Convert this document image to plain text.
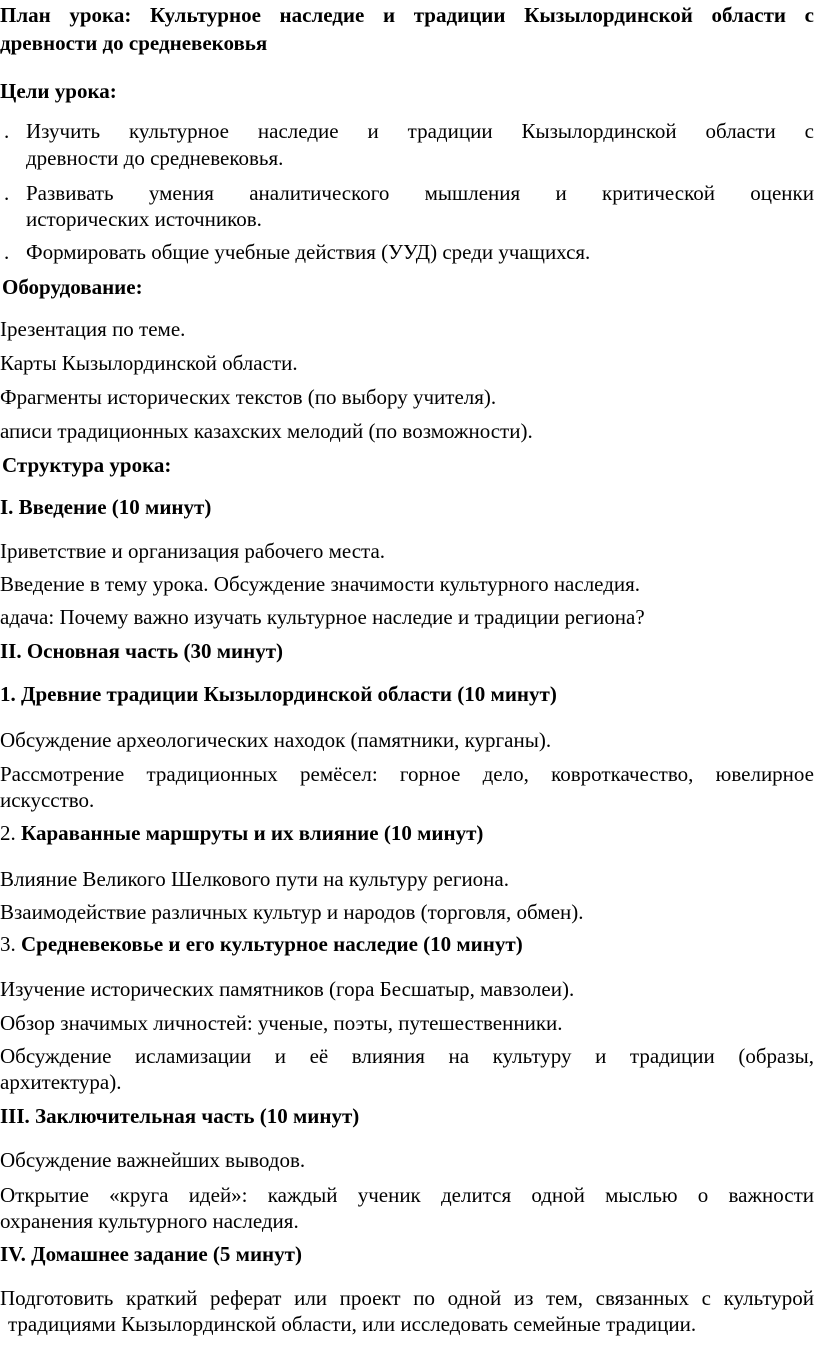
План урока: Культурное наследие и традиции Кызылординской области с
древности до средневековья
Цели урока:
. Изучить культурное наследие и традиции Кызылординской области с
древности до средневековья.
. Развивать умения аналитического мышления и критической оценки
исторических источников.
. Формировать общие учебные действия (УУД) среди учащихся.
Оборудование:
Ірезентация по теме.
Карты Кызылординской области.
Фрагменты исторических текстов (по выбору учителя).
аписи традиционных казахских мелодий (по возможности).
Структура урока:
I. Введение (10 минут)
Іриветствие и организация рабочего места.
Введение в тему урока. Обсуждение значимости культурного наследия.
адача: Почему важно изучать культурное наследие и традиции региона?
II. Основная часть (30 минут)
1. Древние традиции Кызылординской области (10 минут)
Обсуждение археологических находок (памятники, курганы).
Рассмотрение традиционных ремёсел: горное дело, ковроткачество, ювелирное
искусство.
2. Караванные маршруты и их влияние (10 минут)
Влияние Великого Шелкового пути на культуру региона.
Взаимодействие различных культур и народов (торговля, обмен).
3. Средневековье и его культурное наследие (10 минут)
Изучение исторических памятников (гора Бесшатыр, мавзолеи).
Обзор значимых личностей: ученые, поэты, путешественники.
Обсуждение исламизации и её влияния на культуру и традиции (образы,
архитектура).
III. Заключительная часть (10 минут)
Обсуждение важнейших выводов.
Открытие «круга идей»: каждый ученик делится одной мыслью о важности
охранения культурного наследия.
IV. Домашнее задание (5 минут)
Подготовить краткий реферат или проект по одной из тем, связанных с культурой
традициями Кызылординской области, или исследовать семейные традиции.
